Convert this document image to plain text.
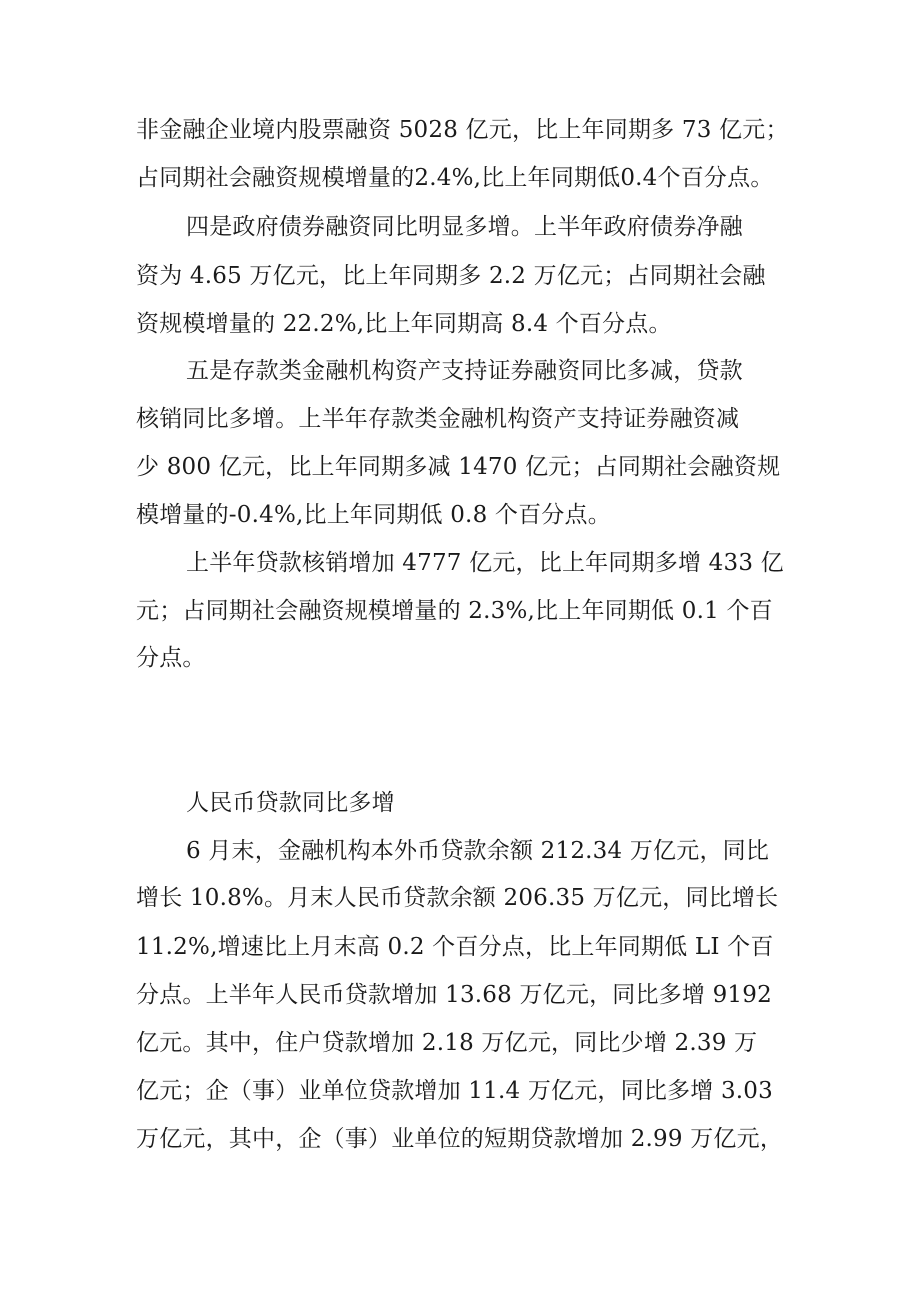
非金融企业境内股票融资 5028 亿元，比上年同期多 73 亿元；
占同期社会融资规模增量的2.4%,比上年同期低0.4个百分点。
四是政府债券融资同比明显多增。上半年政府债券净融
资为 4.65 万亿元，比上年同期多 2.2 万亿元；占同期社会融
资规模增量的 22.2%,比上年同期高 8.4 个百分点。
五是存款类金融机构资产支持证券融资同比多减，贷款
核销同比多增。上半年存款类金融机构资产支持证券融资减
少 800 亿元，比上年同期多减 1470 亿元；占同期社会融资规
模增量的-0.4%,比上年同期低 0.8 个百分点。
上半年贷款核销增加 4777 亿元，比上年同期多增 433 亿
元；占同期社会融资规模增量的 2.3%,比上年同期低 0.1 个百
分点。
人民币贷款同比多增
6 月末，金融机构本外币贷款余额 212.34 万亿元，同比
增长 10.8%。月末人民币贷款余额 206.35 万亿元，同比增长
11.2%,增速比上月末高 0.2 个百分点，比上年同期低 LI 个百
分点。上半年人民币贷款增加 13.68 万亿元，同比多增 9192
亿元。其中，住户贷款增加 2.18 万亿元，同比少增 2.39 万
亿元；企（事）业单位贷款增加 11.4 万亿元，同比多增 3.03
万亿元，其中，企（事）业单位的短期贷款增加 2.99 万亿元，
